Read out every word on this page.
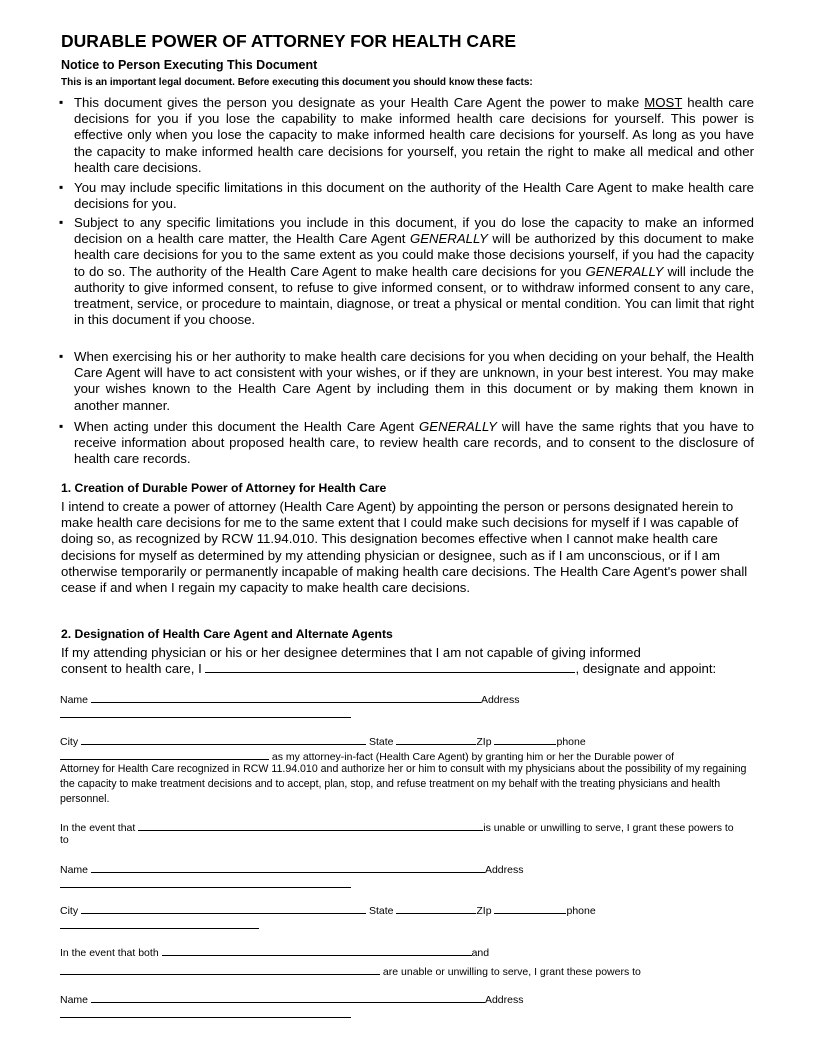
DURABLE POWER OF ATTORNEY FOR HEALTH CARE
Notice to Person Executing This Document
This is an important legal document. Before executing this document you should know these facts:
▪ This document gives the person you designate as your Health Care Agent the power to make MOST health care decisions for you if you lose the capability to make informed health care decisions for yourself. This power is effective only when you lose the capacity to make informed health care decisions for yourself. As long as you have the capacity to make informed health care decisions for yourself, you retain the right to make all medical and other health care decisions.
▪ You may include specific limitations in this document on the authority of the Health Care Agent to make health care decisions for you.
▪ Subject to any specific limitations you include in this document, if you do lose the capacity to make an informed decision on a health care matter, the Health Care Agent GENERALLY will be authorized by this document to make health care decisions for you to the same extent as you could make those decisions yourself, if you had the capacity to do so. The authority of the Health Care Agent to make health care decisions for you GENERALLY will include the authority to give informed consent, to refuse to give informed consent, or to withdraw informed consent to any care, treatment, service, or procedure to maintain, diagnose, or treat a physical or mental condition. You can limit that right in this document if you choose.
▪ When exercising his or her authority to make health care decisions for you when deciding on your behalf, the Health Care Agent will have to act consistent with your wishes, or if they are unknown, in your best interest. You may make your wishes known to the Health Care Agent by including them in this document or by making them known in another manner.
▪ When acting under this document the Health Care Agent GENERALLY will have the same rights that you have to receive information about proposed health care, to review health care records, and to consent to the disclosure of health care records.
1. Creation of Durable Power of Attorney for Health Care
I intend to create a power of attorney (Health Care Agent) by appointing the person or persons designated herein to make health care decisions for me to the same extent that I could make such decisions for myself if I was capable of doing so, as recognized by RCW 11.94.010. This designation becomes effective when I cannot make health care decisions for myself as determined by my attending physician or designee, such as if I am unconscious, or if I am otherwise temporarily or permanently incapable of making health care decisions. The Health Care Agent's power shall cease if and when I regain my capacity to make health care decisions.
2. Designation of Health Care Agent and Alternate Agents
If my attending physician or his or her designee determines that I am not capable of giving informed
consent to health care, I	, designate and appoint:
Name	Address
City	State	ZIp	phone
as my attorney-in-fact (Health Care Agent) by granting him or her the Durable power of
Attorney for Health Care recognized in RCW 11.94.010 and authorize her or him to consult with my physicians about the possibility of my regaining the capacity to make treatment decisions and to accept, plan, stop, and refuse treatment on my behalf with the treating physicians and health personnel.
In the event that	is unable or unwilling to serve, I grant these powers to
to
Name	Address
City	State	ZIp	phone
In the event that both	and
are unable or unwilling to serve, I grant these powers to
Name	Address
